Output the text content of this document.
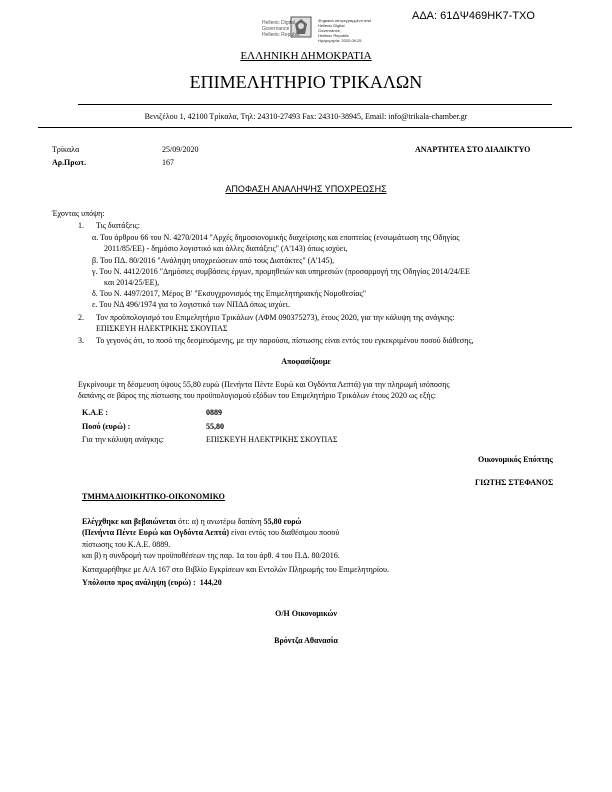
ΑΔΑ: 61ΔΨ469ΗΚ7-ΤΧΟ
Hellenic Digital
Governance
Hellenic Republic
Ψηφιακά υπογεγραμμένο από
Hellenic Digital
Governance,
Hellenic Republic
Ημερομηνία: 2020.09.25
ΕΛΛΗΝΙΚΗ ΔΗΜΟΚΡΑΤΙΑ
ΕΠΙΜΕΛΗΤΗΡΙΟ ΤΡΙΚΑΛΩΝ
Βενιζέλου 1, 42100 Τρίκαλα, Τηλ: 24310-27493 Fax: 24310-38945, Email: info@trikala-chamber.gr
Τρίκαλα	25/09/2020	ΑΝΑΡΤΗΤΕΑ ΣΤΟ ΔΙΑΔΙΚΤΥΟ
Αρ.Πρωτ.	167
ΑΠΟΦΑΣΗ ΑΝΑΛΗΨΗΣ ΥΠΟΧΡΕΩΣΗΣ
Έχοντας υπόψη:
1. Τις διατάξεις:
α. Του άρθρου 66 του Ν. 4270/2014 "Αρχές δημοσιονομικής διαχείρισης και εποπτείας (ενσωμάτωση της Οδηγίας
2011/85/ΕΕ) - δημόσιο λογιστικό και άλλες διατάξεις" (Α'143) όπως ισχύει,
β. Του ΠΔ. 80/2016 "Ανάληψη υποχρεώσεων από τους Διατάκτες" (Α'145),
γ. Του Ν. 4412/2016 "Δημόσιες συμβάσεις έργων, προμηθειών και υπηρεσιών (προσαρμογή της Οδηγίας 2014/24/ΕΕ
και 2014/25/ΕΕ),
δ. Του Ν. 4497/2017, Μέρος Β' "Εκσυγχρονισμός της Επιμελητηριακής Νομοθεσίας"
ε. Του ΝΔ 496/1974 για το λογιστικό των ΝΠΔΔ όπως ισχύει.
2. Τον προϋπολογισμό του Επιμελητήριο Τρικάλων (ΑΦΜ 090375273), έτους 2020, για την κάλυψη της ανάγκης:
ΕΠΙΣΚΕΥΗ ΗΛΕΚΤΡΙΚΗΣ ΣΚΟΥΠΑΣ
3. Το γεγονός ότι, το ποσό της δεσμευόμενης, με την παρούσα, πίστωσης είναι εντός του εγκεκριμένου ποσού διάθεσης,
Αποφασίζουμε
Εγκρίνουμε τη δέσμευση ύψους 55,80 ευρώ (Πενήντα Πέντε Ευρώ και Ογδόντα Λεπτά) για την πληρωμή ισόποσης
δαπάνης σε βάρος της πίστωσης του προϋπολογισμού εξόδων του Επιμελητήριο Τρικάλων έτους 2020 ως εξής:
Κ.Α.Ε :	0889
Ποσό (ευρώ) :	55,80
Για την κάλυψη ανάγκης:	ΕΠΙΣΚΕΥΗ ΗΛΕΚΤΡΙΚΗΣ ΣΚΟΥΠΑΣ
Οικονομικός Επόπτης
ΓΙΩΤΗΣ ΣΤΕΦΑΝΟΣ
ΤΜΗΜΑ ΔΙΟΙΚΗΤΙΚΟ-ΟΙΚΟΝΟΜΙΚΟ
Ελέγχθηκε και βεβαιώνεται ότι: α) η ανωτέρω δαπάνη 55,80 ευρώ
(Πενήντα Πέντε Ευρώ και Ογδόντα Λεπτά) είναι εντός του διαθέσιμου ποσού
πίστωσης του Κ.Α.Ε. 0889.
και β) η συνδρομή των προϋποθέσεων της παρ. 1α του άρθ. 4 του Π.Δ. 80/2016.
Καταχωρήθηκε με Α/Α 167 στο Βιβλίο Εγκρίσεων και Εντολών Πληρωμής του Επιμελητηρίου.
Υπόλοιπο προς ανάληψη (ευρώ) : 144,20
Ο/Η Οικονομικών
Βρόντζα Αθανασία
